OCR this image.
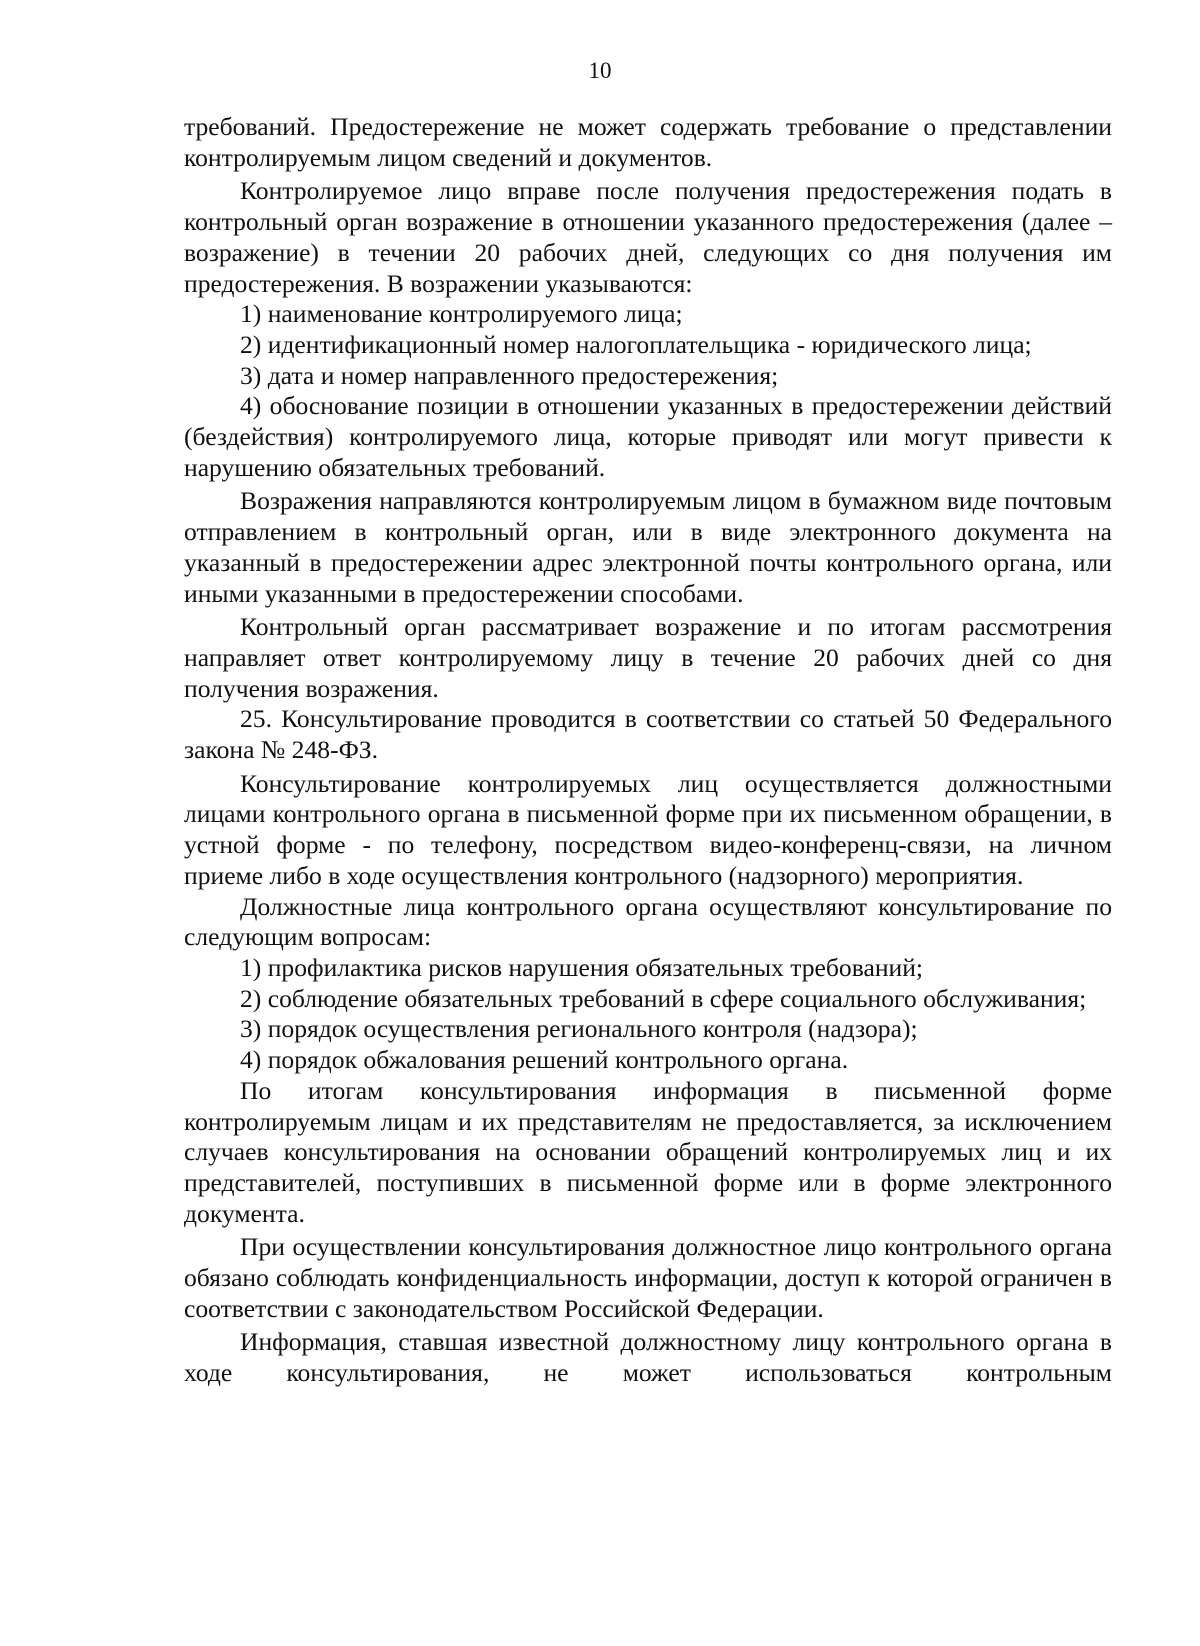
10

требований. Предостережение не может содержать требование о представлении контролируемым лицом сведений и документов.

Контролируемое лицо вправе после получения предостережения подать в контрольный орган возражение в отношении указанного предостережения (далее – возражение) в течении 20 рабочих дней, следующих со дня получения им предостережения. В возражении указываются:

1) наименование контролируемого лица;

2) идентификационный номер налогоплательщика - юридического лица;

3) дата и номер направленного предостережения;

4) обоснование позиции в отношении указанных в предостережении действий (бездействия) контролируемого лица, которые приводят или могут привести к нарушению обязательных требований.

Возражения направляются контролируемым лицом в бумажном виде почтовым отправлением в контрольный орган, или в виде электронного документа на указанный в предостережении адрес электронной почты контрольного органа, или иными указанными в предостережении способами.

Контрольный орган рассматривает возражение и по итогам рассмотрения направляет ответ контролируемому лицу в течение 20 рабочих дней со дня получения возражения.

25. Консультирование проводится в соответствии со статьей 50 Федерального закона № 248-ФЗ.

Консультирование контролируемых лиц осуществляется должностными лицами контрольного органа в письменной форме при их письменном обращении, в устной форме - по телефону, посредством видео-конференц-связи, на личном приеме либо в ходе осуществления контрольного (надзорного) мероприятия.

Должностные лица контрольного органа осуществляют консультирование по следующим вопросам:

1) профилактика рисков нарушения обязательных требований;

2) соблюдение обязательных требований в сфере социального обслуживания;

3) порядок осуществления регионального контроля (надзора);

4) порядок обжалования решений контрольного органа.

По итогам консультирования информация в письменной форме контролируемым лицам и их представителям не предоставляется, за исключением случаев консультирования на основании обращений контролируемых лиц и их представителей, поступивших в письменной форме или в форме электронного документа.

При осуществлении консультирования должностное лицо контрольного органа обязано соблюдать конфиденциальность информации, доступ к которой ограничен в соответствии с законодательством Российской Федерации.

Информация, ставшая известной должностному лицу контрольного органа в ходе консультирования, не может использоваться контрольным
